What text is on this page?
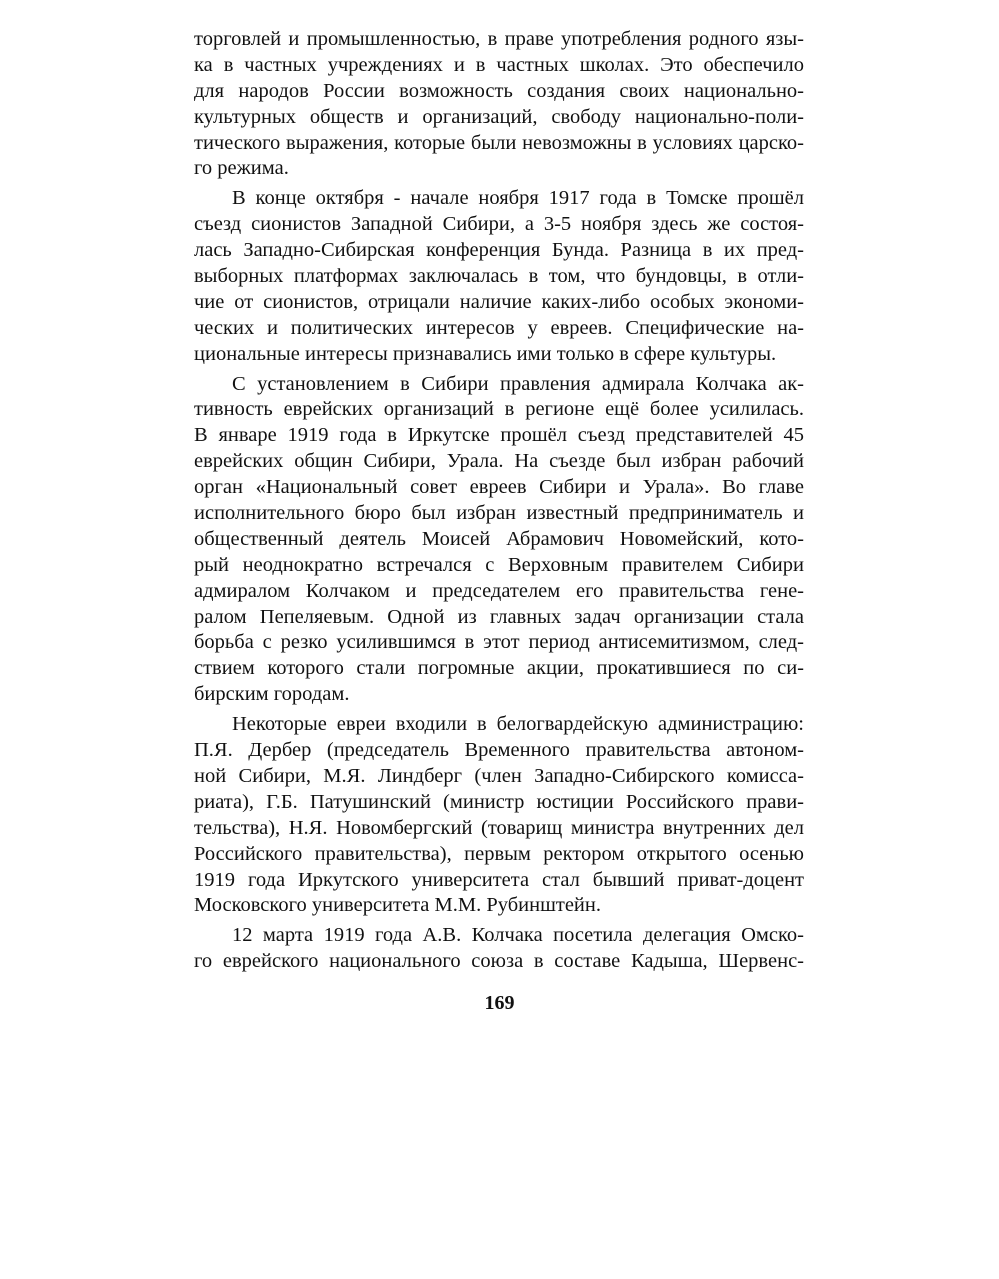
торговлей и промышленностью, в праве употребления родного язы-
ка в частных учреждениях и в частных школах. Это обеспечило
для народов России возможность создания своих национально-
культурных обществ и организаций, свободу национально-поли-
тического выражения, которые были невозможны в условиях царско-
го режима.
В конце октября - начале ноября 1917 года в Томске прошёл
съезд сионистов Западной Сибири, а 3-5 ноября здесь же состоя-
лась Западно-Сибирская конференция Бунда. Разница в их пред-
выборных платформах заключалась в том, что бундовцы, в отли-
чие от сионистов, отрицали наличие каких-либо особых экономи-
ческих и политических интересов у евреев. Специфические на-
циональные интересы признавались ими только в сфере культуры.
С установлением в Сибири правления адмирала Колчака ак-
тивность еврейских организаций в регионе ещё более усилилась.
В январе 1919 года в Иркутске прошёл съезд представителей 45
еврейских общин Сибири, Урала. На съезде был избран рабочий
орган «Национальный совет евреев Сибири и Урала». Во главе
исполнительного бюро был избран известный предприниматель и
общественный деятель Моисей Абрамович Новомейский, кото-
рый неоднократно встречался с Верховным правителем Сибири
адмиралом Колчаком и председателем его правительства гене-
ралом Пепеляевым. Одной из главных задач организации стала
борьба с резко усилившимся в этот период антисемитизмом, след-
ствием которого стали погромные акции, прокатившиеся по си-
бирским городам.
Некоторые евреи входили в белогвардейскую администрацию:
П.Я. Дербер (председатель Временного правительства автоном-
ной Сибири, М.Я. Линдберг (член Западно-Сибирского комисса-
риата), Г.Б. Патушинский (министр юстиции Российского прави-
тельства), Н.Я. Новомбергский (товарищ министра внутренних дел
Российского правительства), первым ректором открытого осенью
1919 года Иркутского университета стал бывший приват-доцент
Московского университета М.М. Рубинштейн.
12 марта 1919 года А.В. Колчака посетила делегация Омско-
го еврейского национального союза в составе Кадыша, Шервенс-
169
